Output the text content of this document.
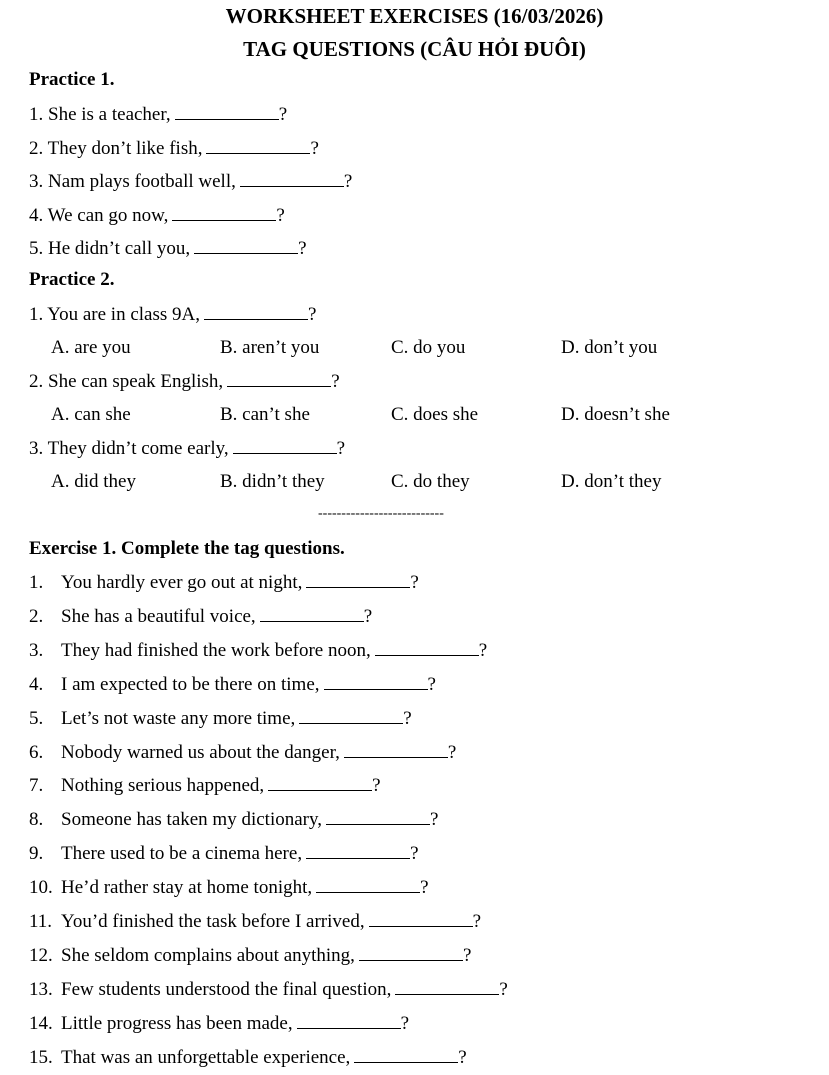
WORKSHEET EXERCISES (16/03/2026)
TAG QUESTIONS (CÂU HỎI ĐUÔI)
Practice 1.
1. She is a teacher,	?
2. They don’t like fish,	?
3. Nam plays football well,	?
4. We can go now,	?
5. He didn’t call you,	?
Practice 2.
1. You are in class 9A,	?
A. are you	B. aren’t you	C. do you	D. don’t you
2. She can speak English,	?
A. can she	B. can’t she	C. does she	D. doesn’t she
3. They didn’t come early,	?
A. did they	B. didn’t they	C. do they	D. don’t they
---------------------------
Exercise 1. Complete the tag questions.
1. You hardly ever go out at night,	?
2. She has a beautiful voice,	?
3. They had finished the work before noon,	?
4. I am expected to be there on time,	?
5. Let’s not waste any more time,	?
6. Nobody warned us about the danger,	?
7. Nothing serious happened,	?
8. Someone has taken my dictionary,	?
9. There used to be a cinema here,	?
10. He’d rather stay at home tonight,	?
11. You’d finished the task before I arrived,	?
12. She seldom complains about anything,	?
13. Few students understood the final question,	?
14. Little progress has been made,	?
15. That was an unforgettable experience,	?
